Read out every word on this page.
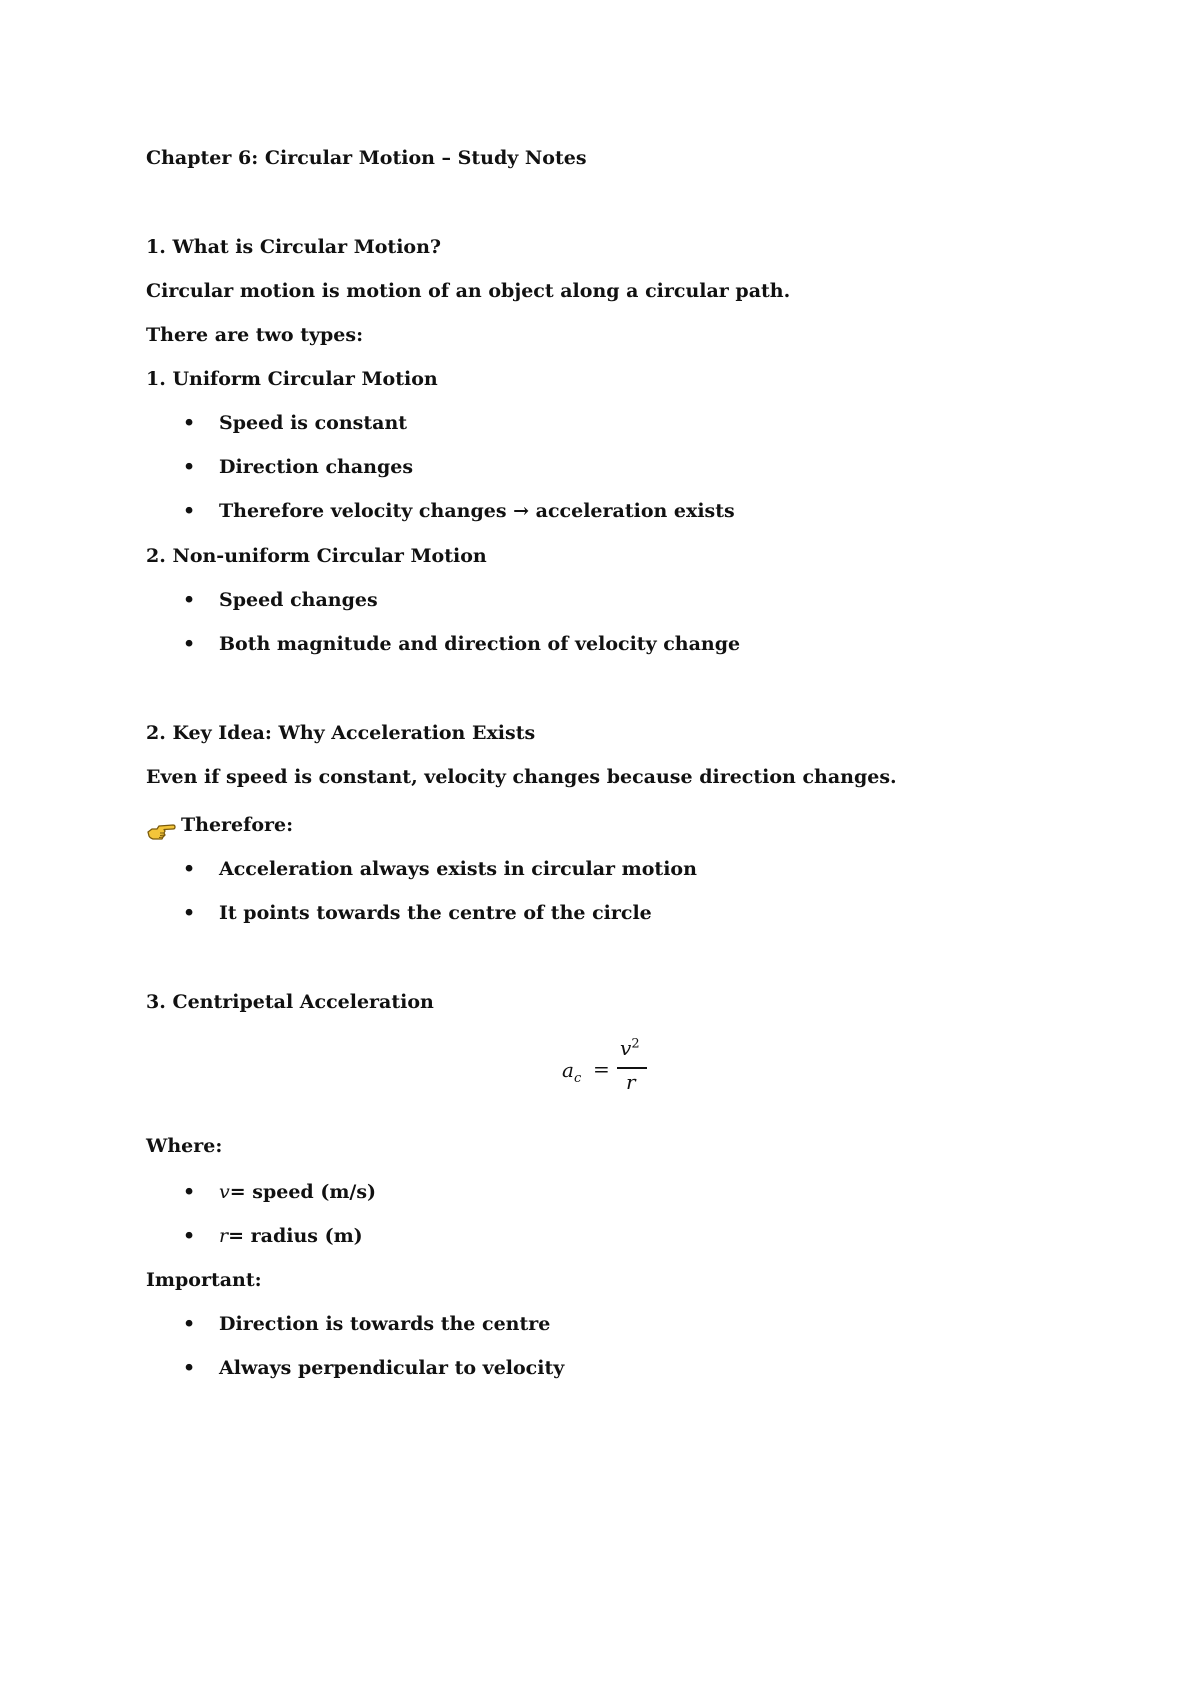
Chapter 6: Circular Motion – Study Notes
1. What is Circular Motion?
Circular motion is motion of an object along a circular path.
There are two types:
1. Uniform Circular Motion
• Speed is constant
• Direction changes
• Therefore velocity changes → acceleration exists
2. Non-uniform Circular Motion
• Speed changes
• Both magnitude and direction of velocity change
2. Key Idea: Why Acceleration Exists
Even if speed is constant, velocity changes because direction changes.
Therefore:
• Acceleration always exists in circular motion
• It points towards the centre of the circle
3. Centripetal Acceleration
$a_c$ =
$v^2$
r
Where:
• v= speed (m/s)
• r= radius (m)
Important:
• Direction is towards the centre
• Always perpendicular to velocity
